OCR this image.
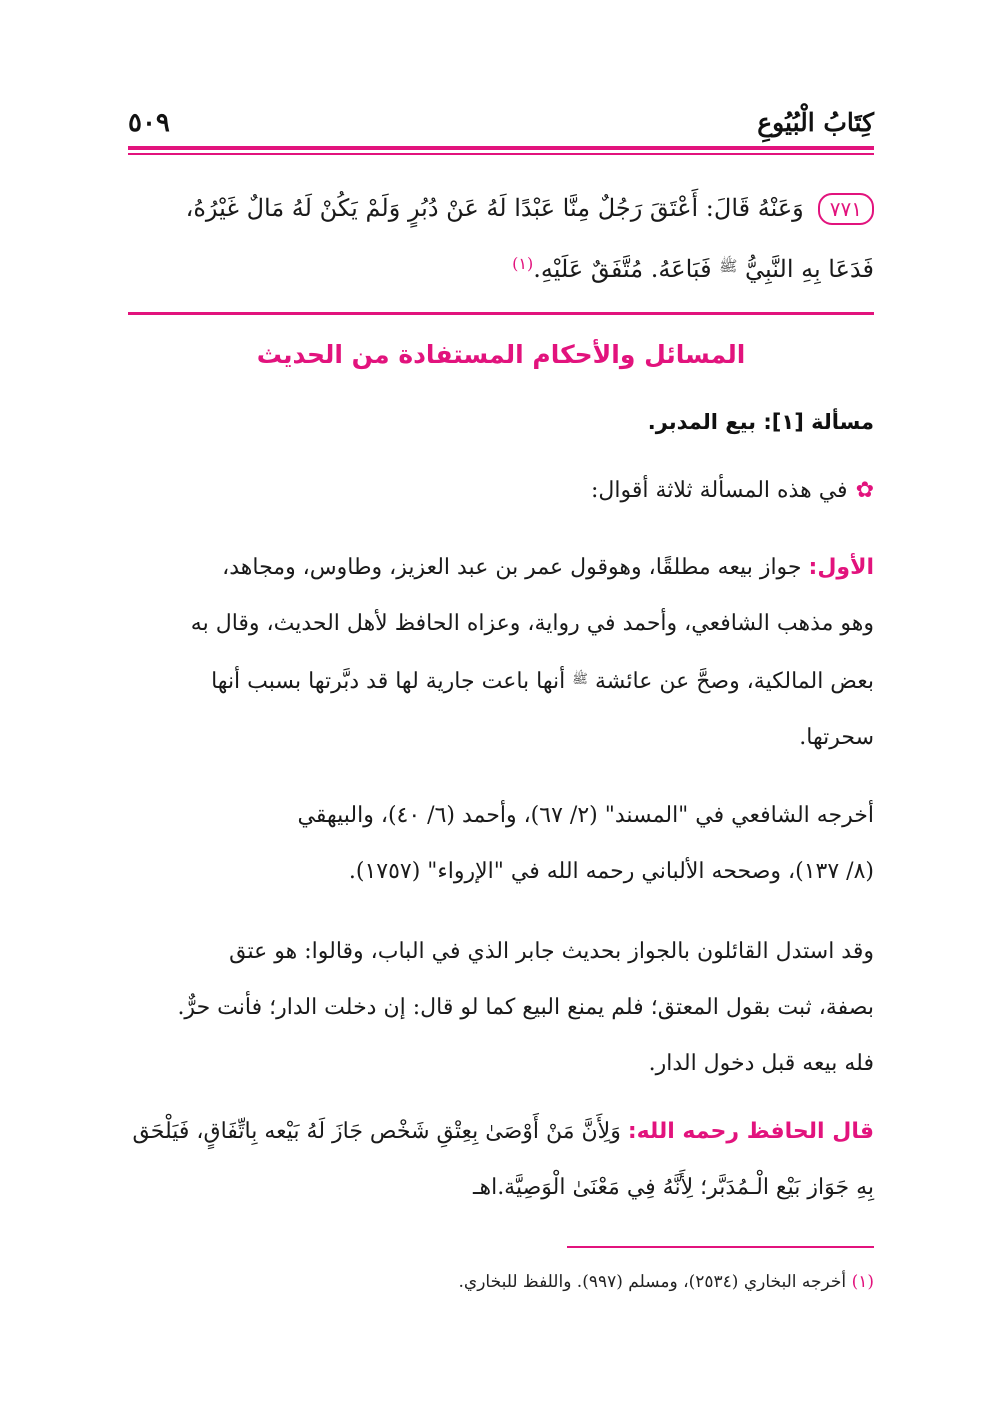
كِتَابُ الْبُيُوعِ
٥٠٩
٧٧١وَعَنْهُ قَالَ: أَعْتَقَ رَجُلٌ مِنَّا عَبْدًا لَهُ عَنْ دُبُرٍ وَلَمْ يَكُنْ لَهُ مَالٌ غَيْرُهُ،
فَدَعَا بِهِ النَّبِيُّ $^ﷺ$ فَبَاعَهُ. مُتَّفَقٌ عَلَيْهِ.$^{(١)}$
المسائل والأحكام المستفادة من الحديث
مسألة [١]: بيع المدبر.
✿في هذه المسألة ثلاثة أقوال:
الأول: جواز بيعه مطلقًا، وهوقول عمر بن عبد العزيز، وطاوس، ومجاهد،
وهو مذهب الشافعي، وأحمد في رواية، وعزاه الحافظ لأهل الحديث، وقال به
بعض المالكية، وصحَّ عن عائشة $^ﷺ$ أنها باعت جارية لها قد دبَّرتها بسبب أنها
سحرتها.
أخرجه الشافعي في "المسند" (٢/ ٦٧)، وأحمد (٦/ ٤٠)، والبيهقي
(٨/ ١٣٧)، وصححه الألباني رحمه الله في "الإرواء" (١٧٥٧).
وقد استدل القائلون بالجواز بحديث جابر الذي في الباب، وقالوا: هو عتق
بصفة، ثبت بقول المعتق؛ فلم يمنع البيع كما لو قال: إن دخلت الدار؛ فأنت حرٌّ.
فله بيعه قبل دخول الدار.
قال الحافظ رحمه الله: وَلِأَنَّ مَنْ أَوْصَىٰ بِعِتْقِ شَخْص جَازَ لَهُ بَيْعه بِاتِّفَاقٍ، فَيَلْحَق
بِهِ جَوَاز بَيْع الْـمُدَبَّر؛ لِأَنَّهُ فِي مَعْنَىٰ الْوَصِيَّة.اهـ
(١) أخرجه البخاري (٢٥٣٤)، ومسلم (٩٩٧). واللفظ للبخاري.
